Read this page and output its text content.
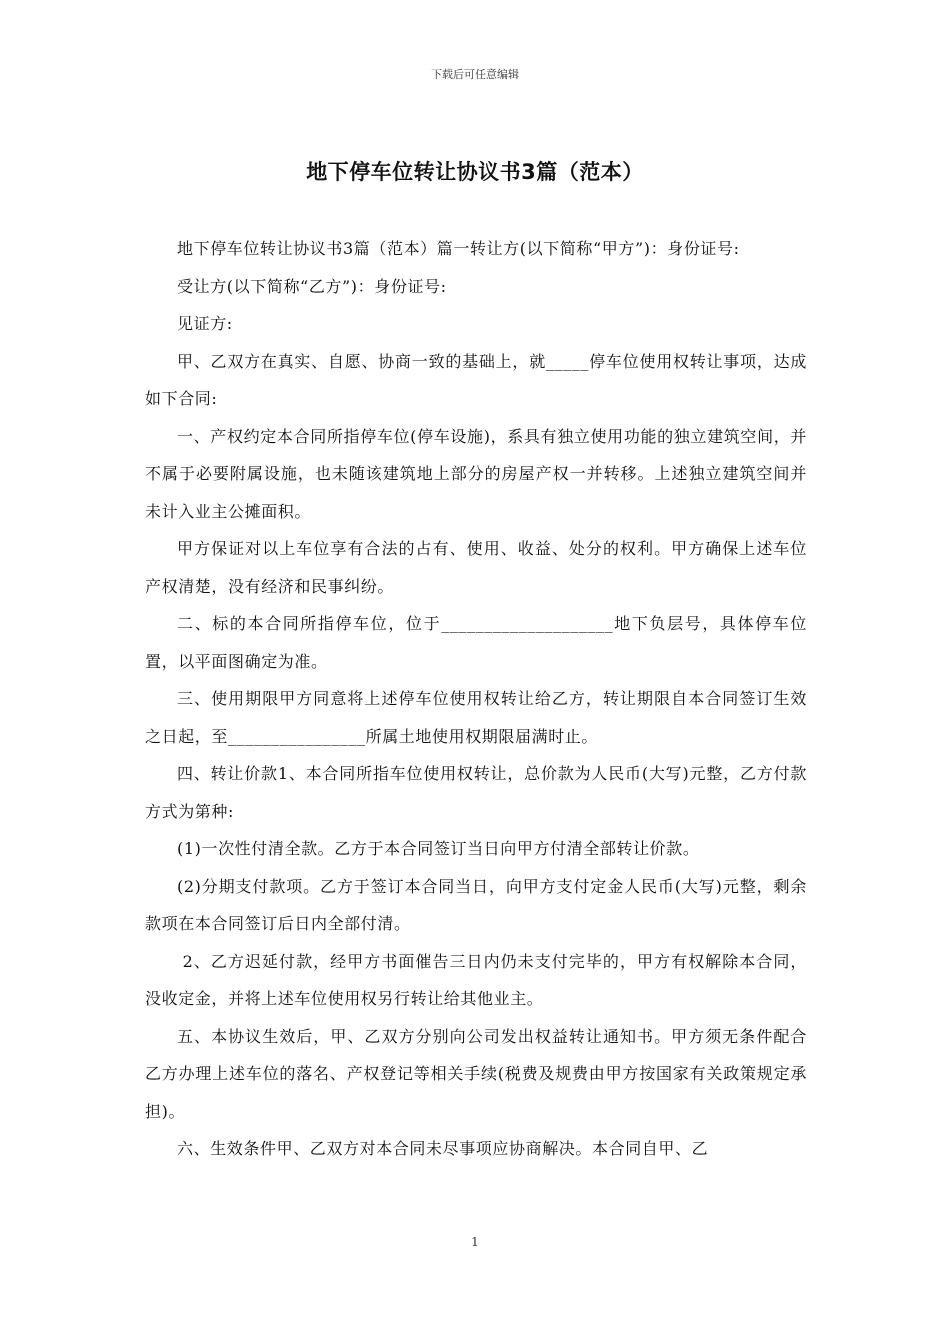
下载后可任意编辑
地下停车位转让协议书3篇（范本）

地下停车位转让协议书3篇（范本）篇一转让方(以下简称“甲方”)：身份证号:

受让方(以下简称“乙方”)：身份证号:

见证方:

甲、乙双方在真实、自愿、协商一致的基础上，就_____停车位使用权转让事项，达成如下合同:

一、产权约定本合同所指停车位(停车设施)，系具有独立使用功能的独立建筑空间，并不属于必要附属设施，也未随该建筑地上部分的房屋产权一并转移。上述独立建筑空间并未计入业主公摊面积。

甲方保证对以上车位享有合法的占有、使用、收益、处分的权利。甲方确保上述车位产权清楚，没有经济和民事纠纷。

二、标的本合同所指停车位，位于____________________地下负层号，具体停车位置，以平面图确定为准。

三、使用期限甲方同意将上述停车位使用权转让给乙方，转让期限自本合同签订生效之日起，至________________所属土地使用权期限届满时止。

四、转让价款1、本合同所指车位使用权转让，总价款为人民币(大写)元整，乙方付款方式为第种:

(1)一次性付清全款。乙方于本合同签订当日向甲方付清全部转让价款。

(2)分期支付款项。乙方于签订本合同当日，向甲方支付定金人民币(大写)元整，剩余款项在本合同签订后日内全部付清。

2、乙方迟延付款，经甲方书面催告三日内仍未支付完毕的，甲方有权解除本合同，没收定金，并将上述车位使用权另行转让给其他业主。

五、本协议生效后，甲、乙双方分别向公司发出权益转让通知书。甲方须无条件配合乙方办理上述车位的落名、产权登记等相关手续(税费及规费由甲方按国家有关政策规定承担)。

六、生效条件甲、乙双方对本合同未尽事项应协商解决。本合同自甲、乙

1
